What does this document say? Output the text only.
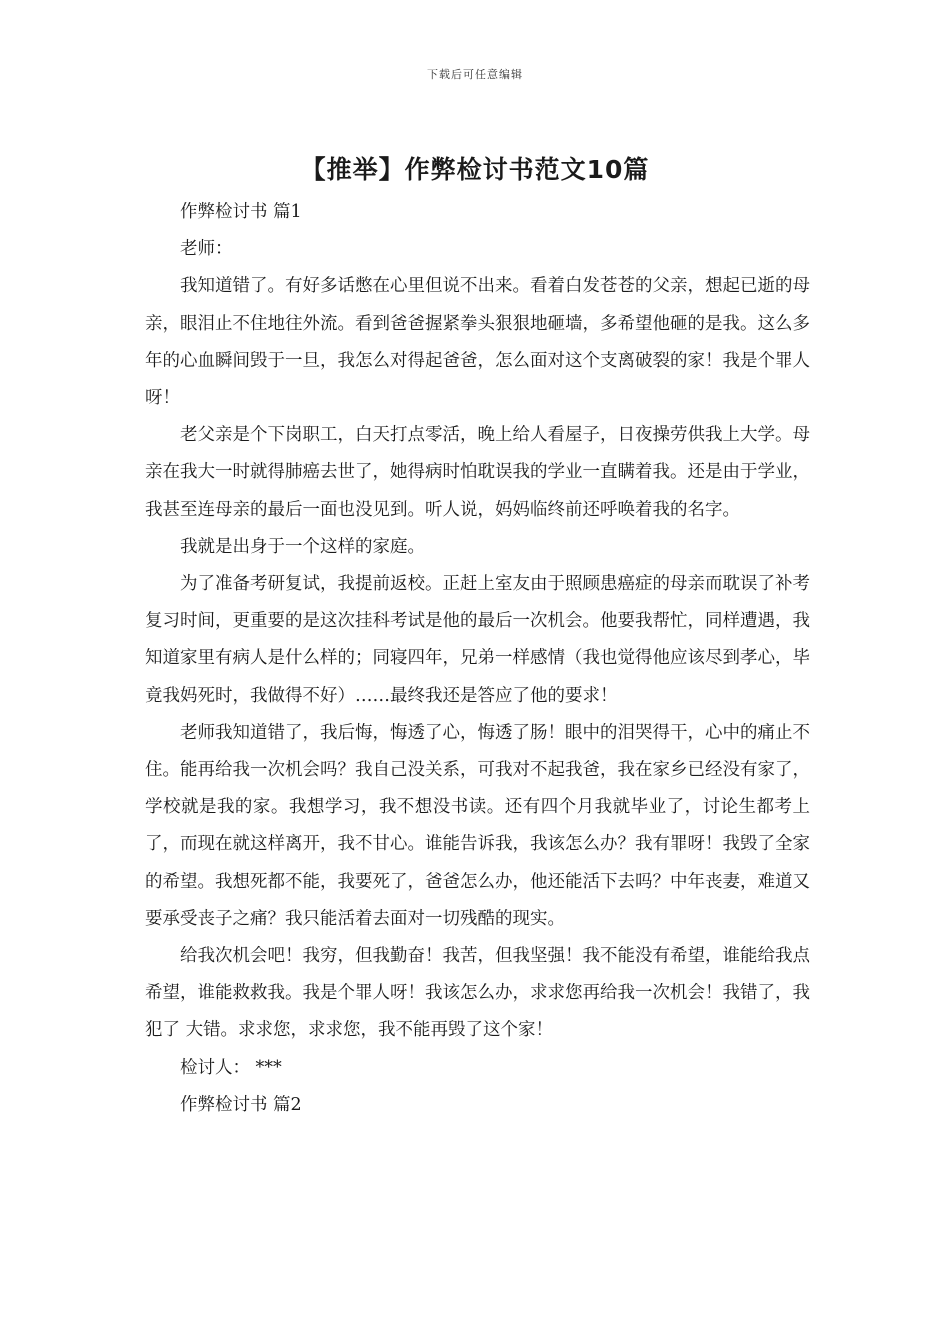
下载后可任意编辑
【推举】作弊检讨书范文10篇

作弊检讨书 篇1

老师：

我知道错了。有好多话憋在心里但说不出来。看着白发苍苍的父亲，想起已逝的母亲，眼泪止不住地往外流。看到爸爸握紧拳头狠狠地砸墙，多希望他砸的是我。这么多年的心血瞬间毁于一旦，我怎么对得起爸爸，怎么面对这个支离破裂的家！我是个罪人呀！

老父亲是个下岗职工，白天打点零活，晚上给人看屋子，日夜操劳供我上大学。母亲在我大一时就得肺癌去世了，她得病时怕耽误我的学业一直瞒着我。还是由于学业，我甚至连母亲的最后一面也没见到。听人说，妈妈临终前还呼唤着我的名字。

我就是出身于一个这样的家庭。

为了准备考研复试，我提前返校。正赶上室友由于照顾患癌症的母亲而耽误了补考复习时间，更重要的是这次挂科考试是他的最后一次机会。他要我帮忙，同样遭遇，我知道家里有病人是什么样的；同寝四年，兄弟一样感情（我也觉得他应该尽到孝心，毕竟我妈死时，我做得不好）……最终我还是答应了他的要求！

老师我知道错了，我后悔，悔透了心，悔透了肠！眼中的泪哭得干，心中的痛止不住。能再给我一次机会吗？我自己没关系，可我对不起我爸，我在家乡已经没有家了，学校就是我的家。我想学习，我不想没书读。还有四个月我就毕业了，讨论生都考上了，而现在就这样离开，我不甘心。谁能告诉我，我该怎么办？我有罪呀！我毁了全家的希望。我想死都不能，我要死了，爸爸怎么办，他还能活下去吗？中年丧妻，难道又要承受丧子之痛？我只能活着去面对一切残酷的现实。

给我次机会吧！我穷，但我勤奋！我苦，但我坚强！我不能没有希望，谁能给我点希望，谁能救救我。我是个罪人呀！我该怎么办，求求您再给我一次机会！我错了，我犯了 大错。求求您，求求您，我不能再毁了这个家！

检讨人： ***

作弊检讨书 篇2
